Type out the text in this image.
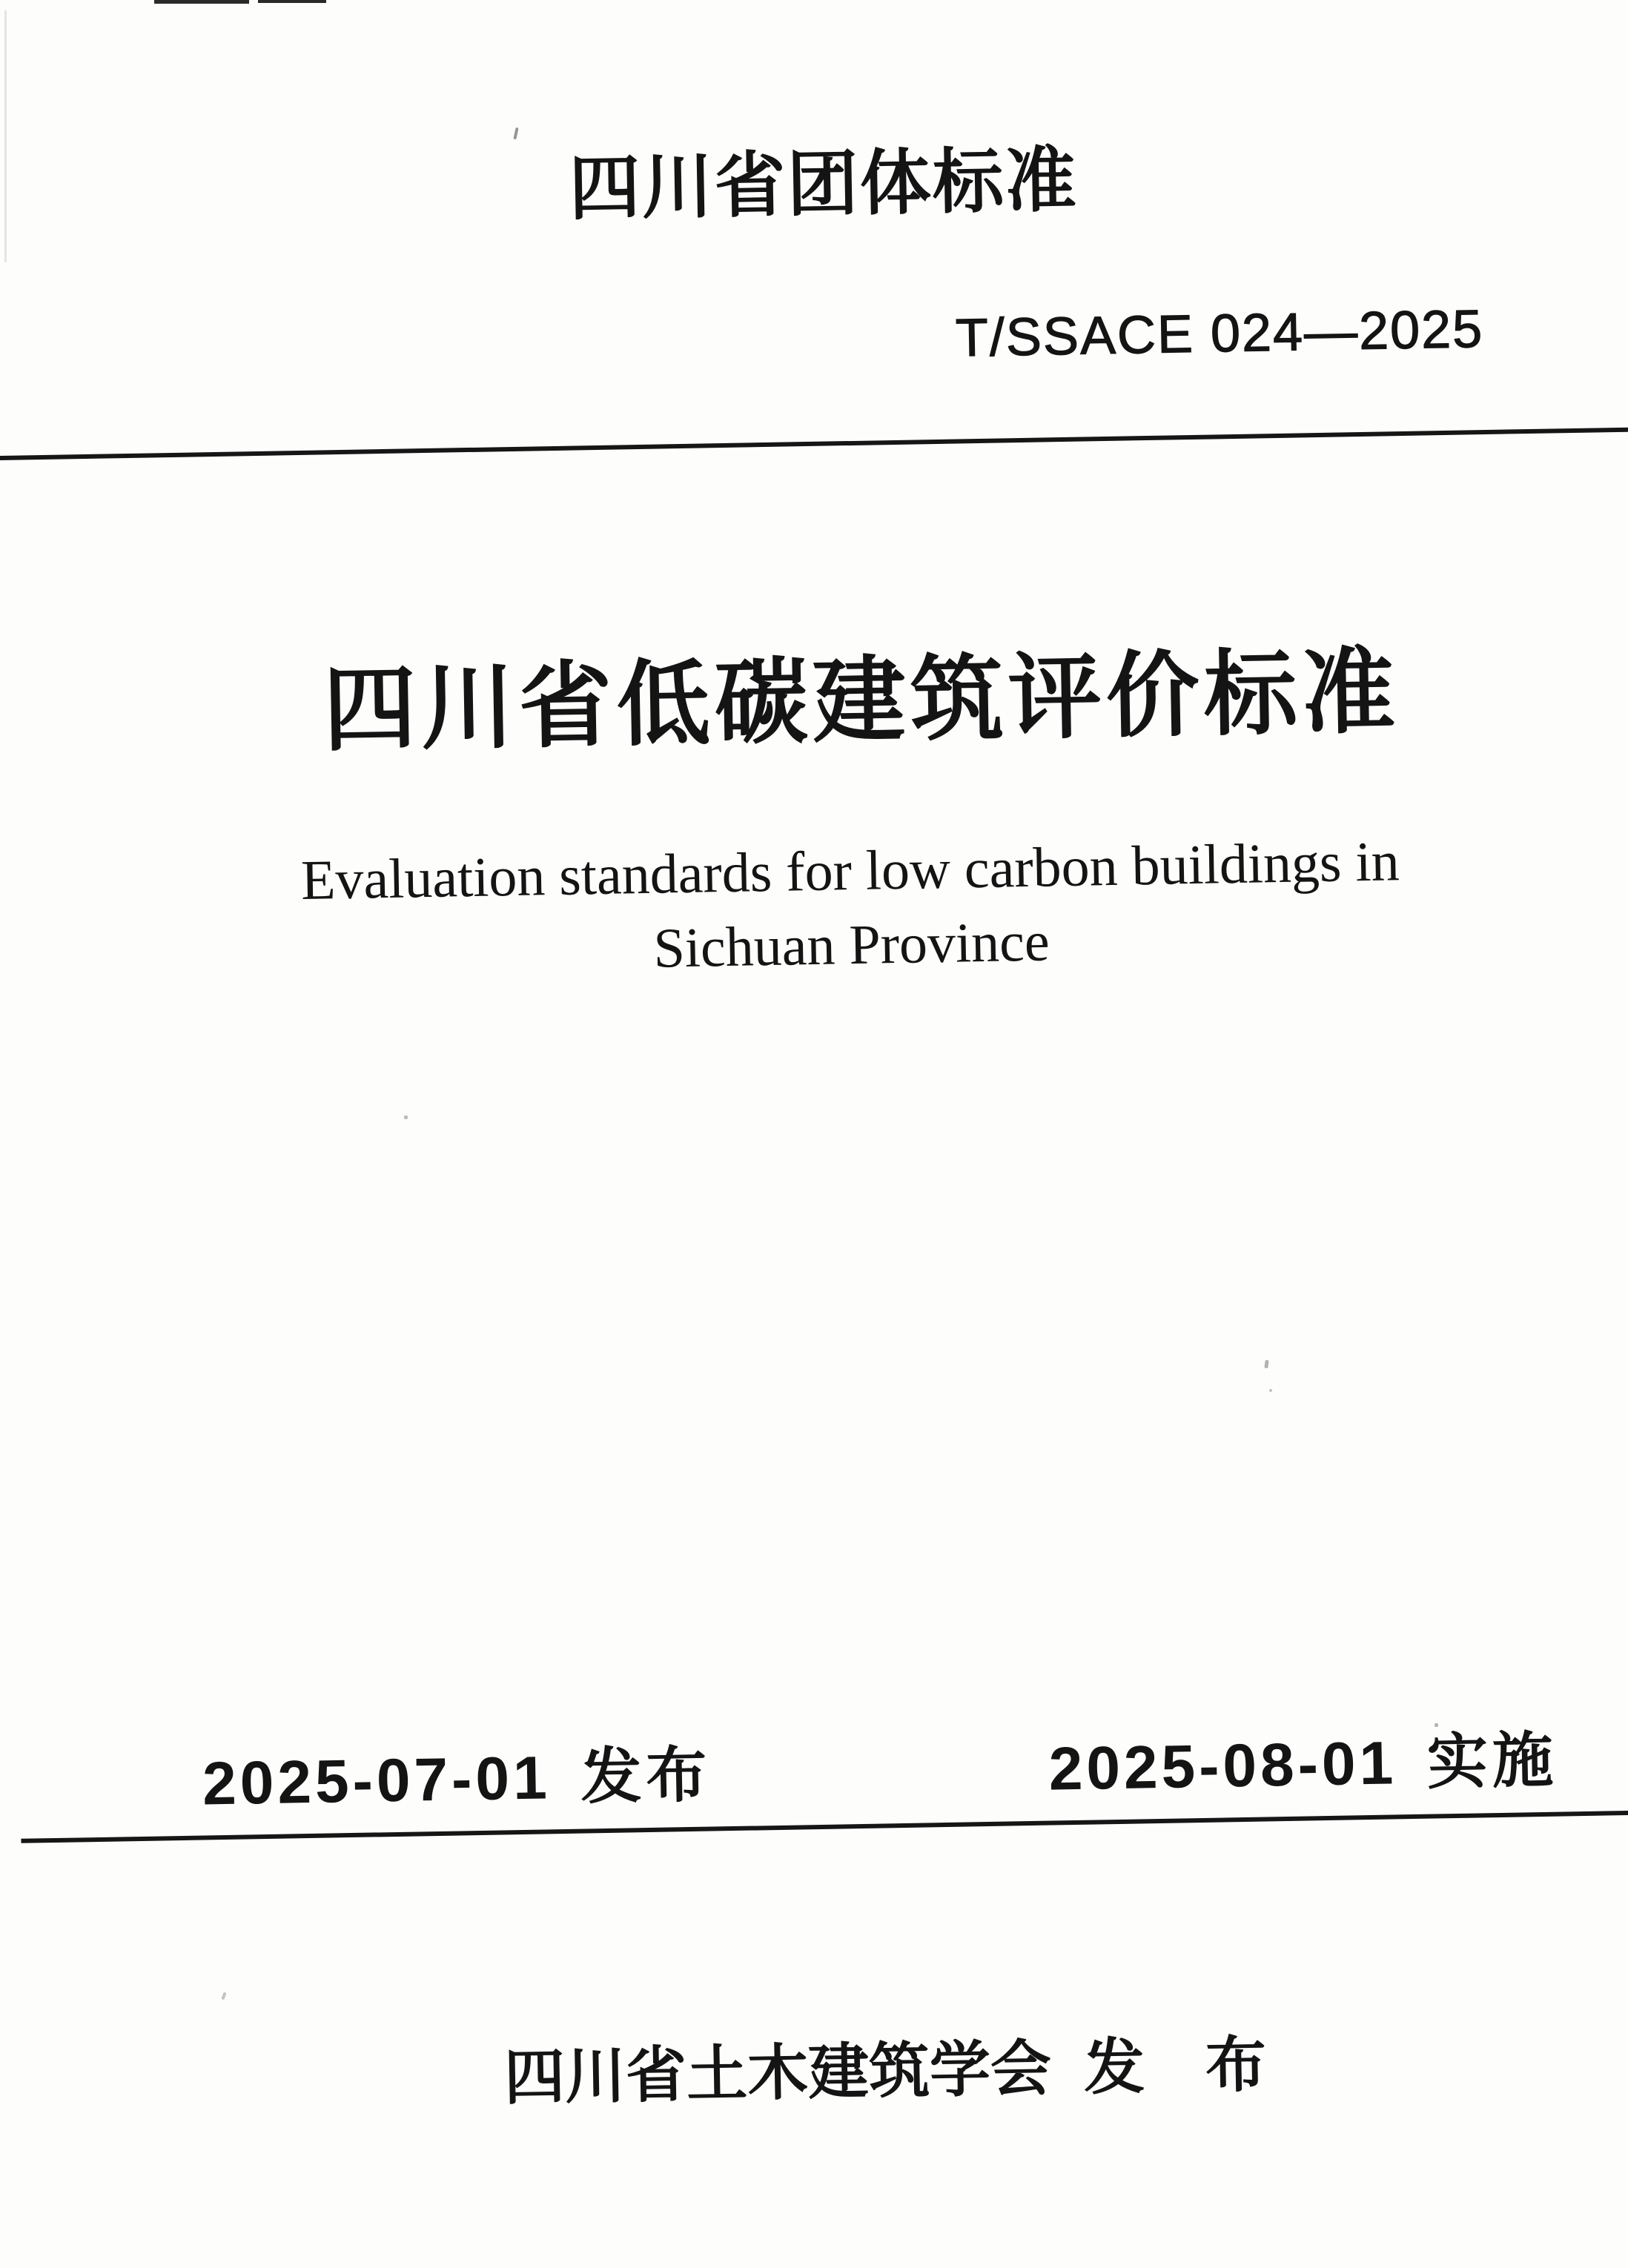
四川省团体标准
T/SSACE 024—2025
四川省低碳建筑评价标准
Evaluation standards for low carbon buildings in
Sichuan Province
2025-07-01 发布	2025-08-01 实施
四川省土木建筑学会 发　布
